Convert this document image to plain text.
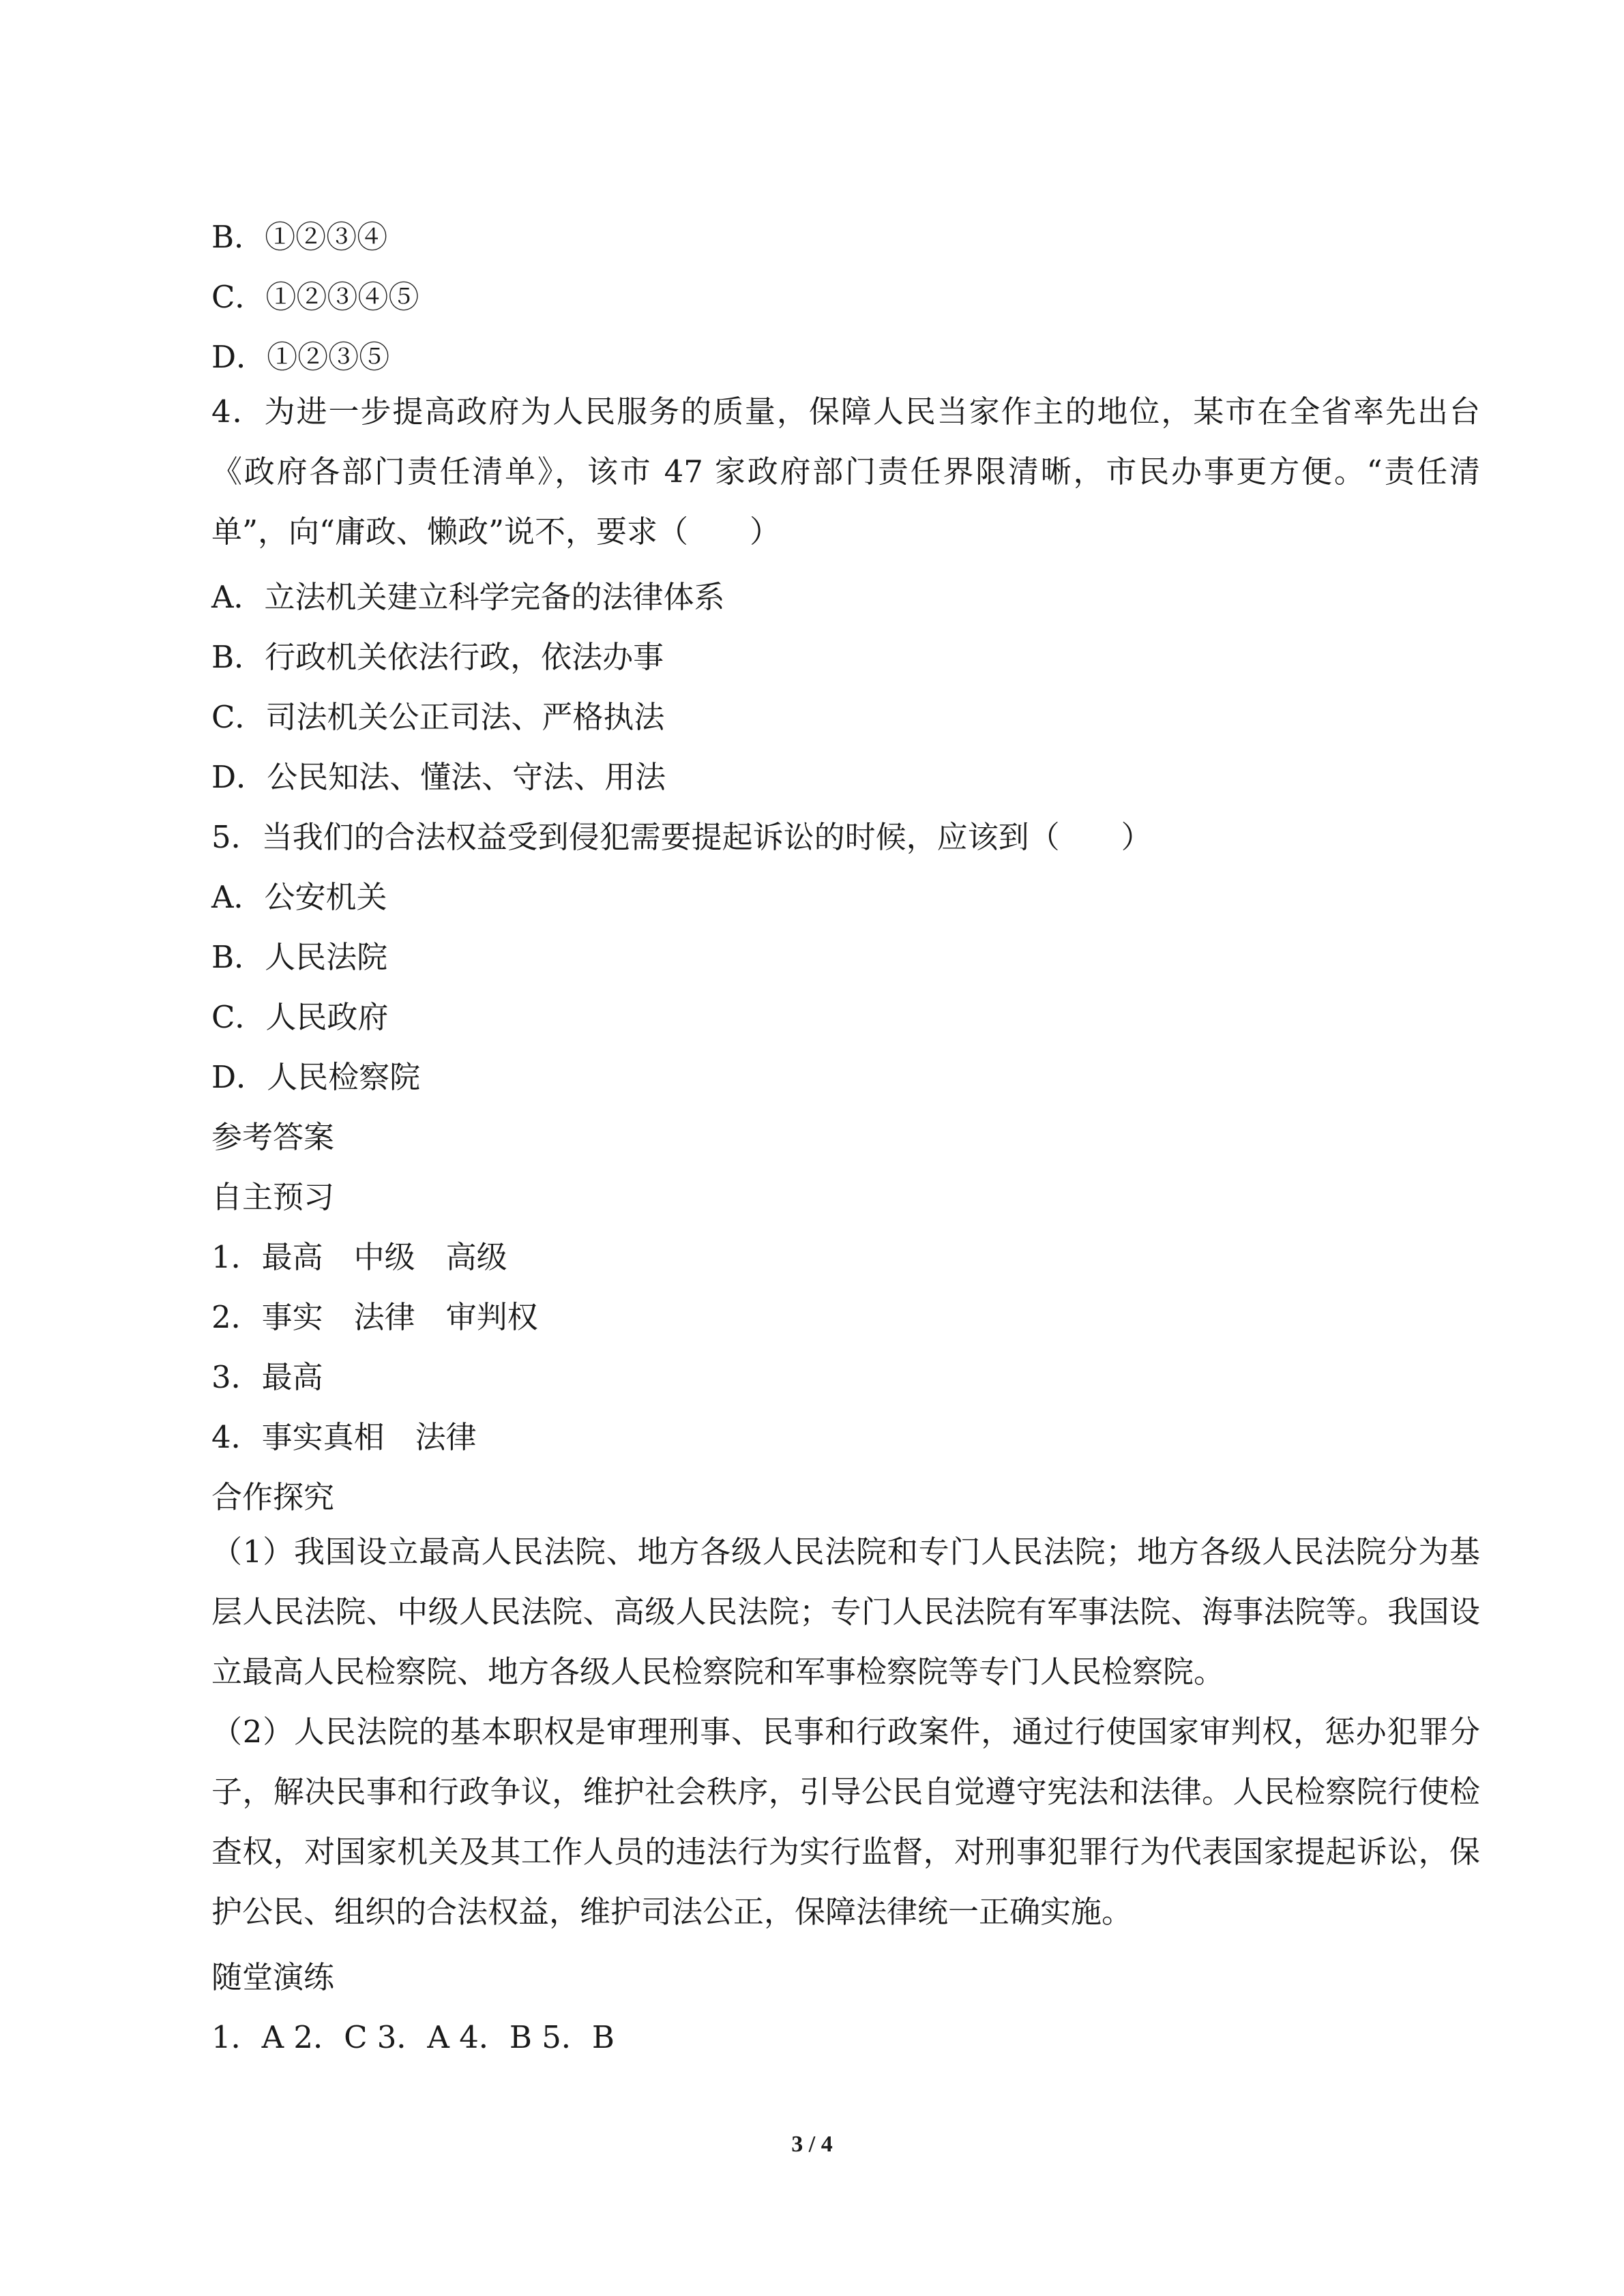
B．①②③④
C．①②③④⑤
D．①②③⑤
4．为进一步提高政府为人民服务的质量，保障人民当家作主的地位，某市在全省率先出台《政府各部门责任清单》，该市 47 家政府部门责任界限清晰，市民办事更方便。“责任清单”，向“庸政、懒政”说不，要求（　　）
A．立法机关建立科学完备的法律体系
B．行政机关依法行政，依法办事
C．司法机关公正司法、严格执法
D．公民知法、懂法、守法、用法
5．当我们的合法权益受到侵犯需要提起诉讼的时候，应该到（　　）
A．公安机关
B．人民法院
C．人民政府
D．人民检察院
参考答案
自主预习
1．最高　中级　高级
2．事实　法律　审判权
3．最高
4．事实真相　法律
合作探究
（1）我国设立最高人民法院、地方各级人民法院和专门人民法院；地方各级人民法院分为基层人民法院、中级人民法院、高级人民法院；专门人民法院有军事法院、海事法院等。我国设立最高人民检察院、地方各级人民检察院和军事检察院等专门人民检察院。
（2）人民法院的基本职权是审理刑事、民事和行政案件，通过行使国家审判权，惩办犯罪分子，解决民事和行政争议，维护社会秩序，引导公民自觉遵守宪法和法律。人民检察院行使检查权，对国家机关及其工作人员的违法行为实行监督，对刑事犯罪行为代表国家提起诉讼，保护公民、组织的合法权益，维护司法公正，保障法律统一正确实施。
随堂演练
1．A 2．C 3．A 4．B 5．B
3 / 4
